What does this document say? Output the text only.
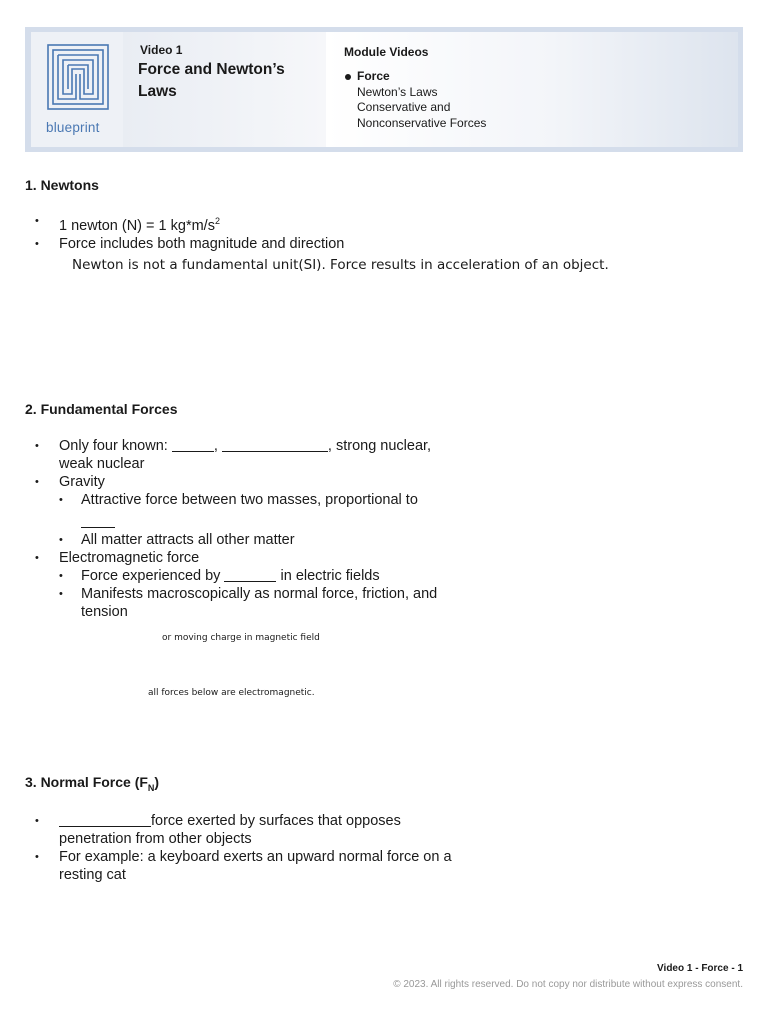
blueprint
Video 1
Force and Newton’s Laws
Module Videos
Force
Newton’s Laws
Conservative and
Nonconservative Forces
1. Newtons
• 1 newton (N) = 1 $kg*m/s^2$
• Force includes both magnitude and direction
Newton is not a fundamental unit(SI). Force results in acceleration of an object.
2. Fundamental Forces
• Only four known:	,	, strong nuclear, weak nuclear
• Gravity
• Attractive force between two masses, proportional to

• All matter attracts all other matter
• Electromagnetic force
• Force experienced by	in electric fields
• Manifests macroscopically as normal force, friction, and tension
or moving charge in magnetic field
all forces below are electromagnetic.
3. Normal Force $(F_N)$
• force exerted by surfaces that opposes penetration from other objects
• For example: a keyboard exerts an upward normal force on a resting cat
Video 1 - Force - 1
© 2023. All rights reserved. Do not copy nor distribute without express consent.
